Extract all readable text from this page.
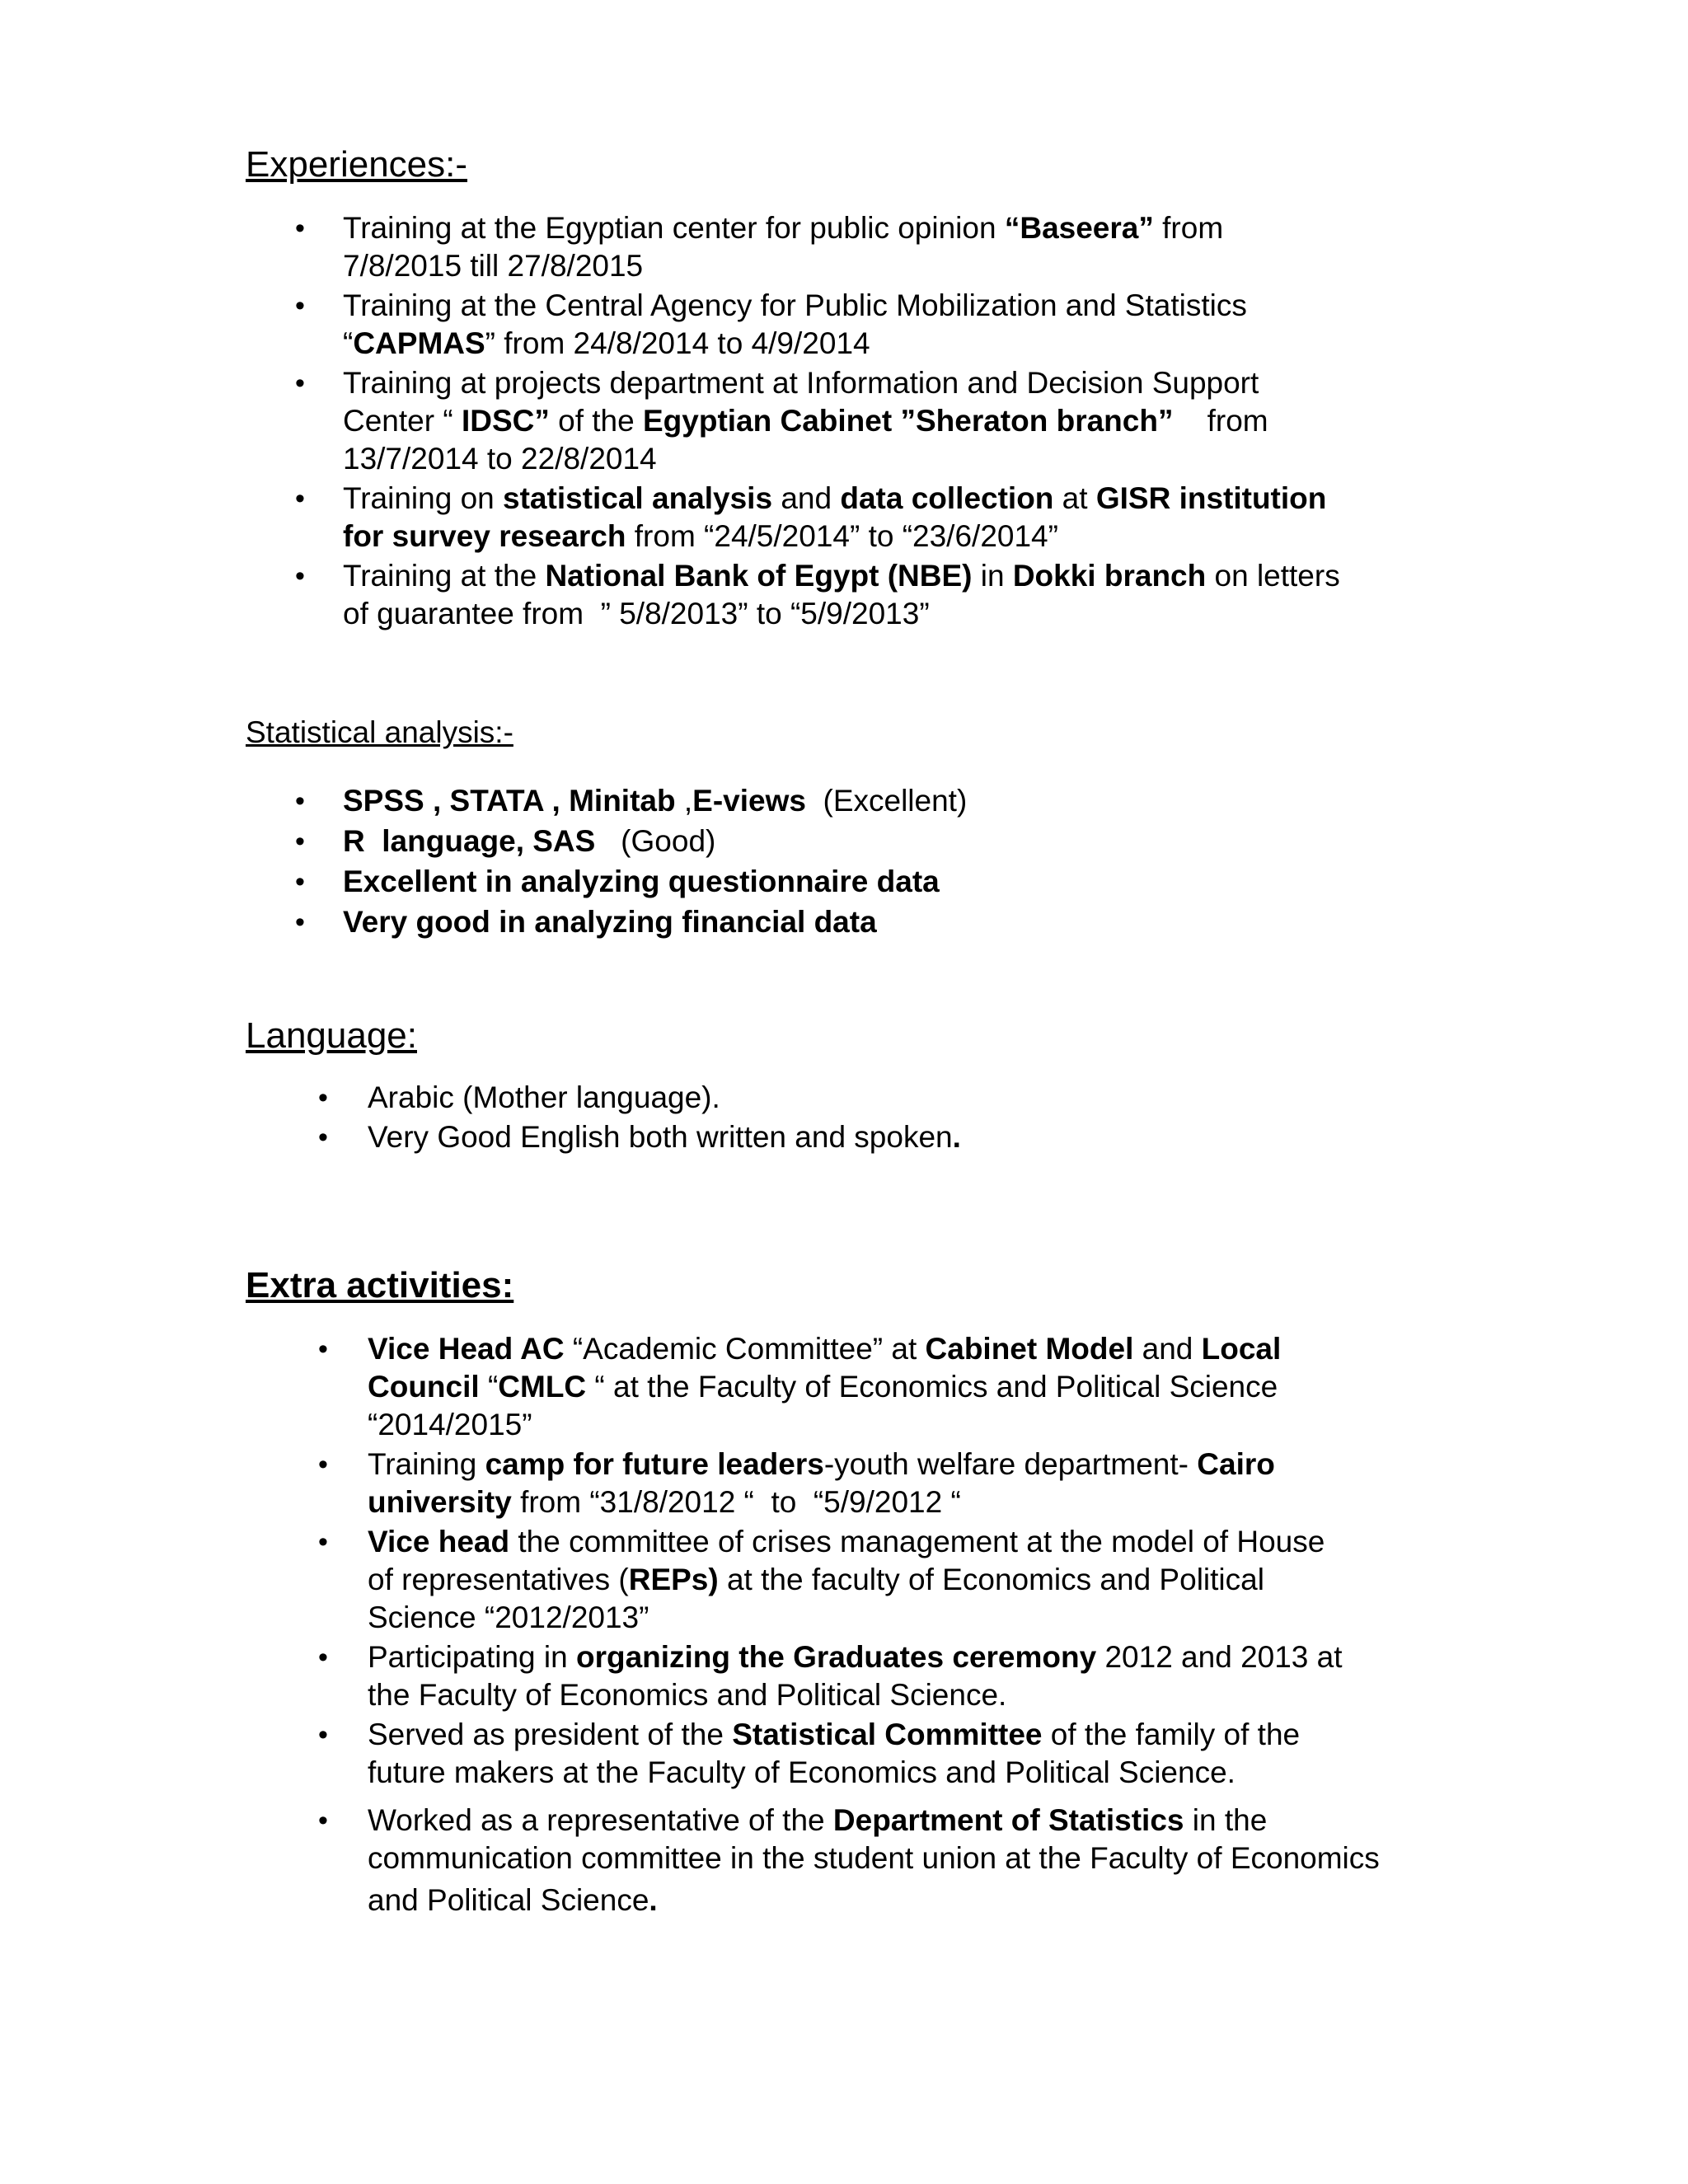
Experiences:-
• Training at the Egyptian center for public opinion “Baseera” from
7/8/2015 till 27/8/2015
• Training at the Central Agency for Public Mobilization and Statistics
“CAPMAS” from 24/8/2014 to 4/9/2014
• Training at projects department at Information and Decision Support
Center “ IDSC” of the Egyptian Cabinet ”Sheraton branch”    from
13/7/2014 to 22/8/2014
• Training on statistical analysis and data collection at GISR institution
for survey research from “24/5/2014” to “23/6/2014”
• Training at the National Bank of Egypt (NBE) in Dokki branch on letters
of guarantee from  ” 5/8/2013” to “5/9/2013”
Statistical analysis:-
• SPSS , STATA , Minitab ,E-views  (Excellent)
• R  language, SAS   (Good)
• Excellent in analyzing questionnaire data
• Very good in analyzing financial data
Language:
• Arabic (Mother language).
• Very Good English both written and spoken.
Extra activities:
• Vice Head AC “Academic Committee” at Cabinet Model and Local
Council “CMLC “ at the Faculty of Economics and Political Science
“2014/2015”
• Training camp for future leaders-youth welfare department- Cairo
university from “31/8/2012 “  to  “5/9/2012 “
• Vice head the committee of crises management at the model of House
of representatives (REPs) at the faculty of Economics and Political
Science “2012/2013”
• Participating in organizing the Graduates ceremony 2012 and 2013 at
the Faculty of Economics and Political Science.
• Served as president of the Statistical Committee of the family of the
future makers at the Faculty of Economics and Political Science.
• Worked as a representative of the Department of Statistics in the
communication committee in the student union at the Faculty of Economics
and Political Science.
